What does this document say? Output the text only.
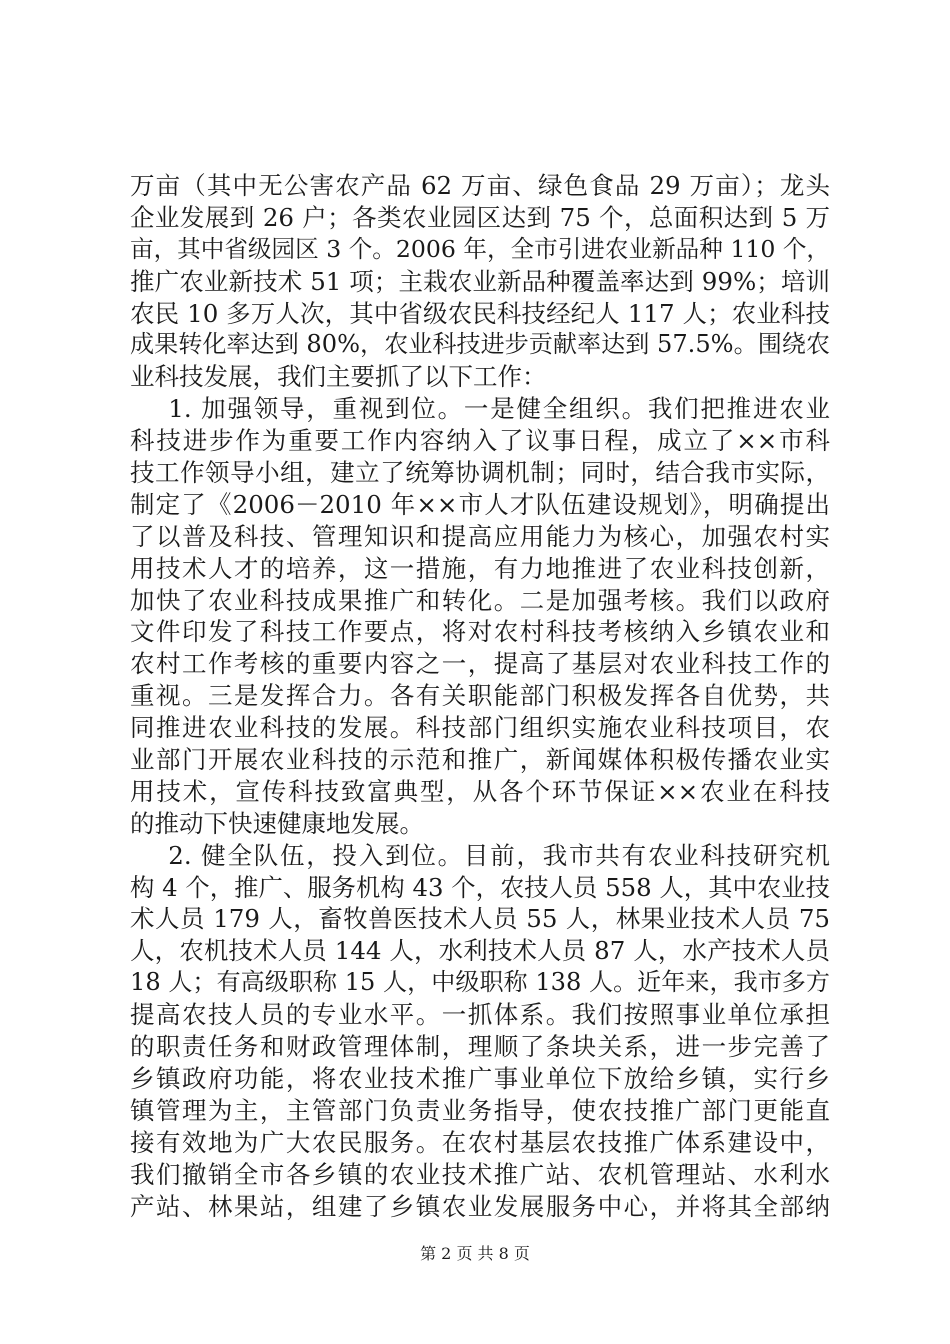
万亩（其中无公害农产品 62 万亩、绿色食品 29 万亩）；龙头
企业发展到 26 户；各类农业园区达到 75 个，总面积达到 5 万
亩，其中省级园区 3 个。2006 年，全市引进农业新品种 110 个，
推广农业新技术 51 项；主栽农业新品种覆盖率达到 99%；培训
农民 10 多万人次，其中省级农民科技经纪人 117 人；农业科技
成果转化率达到 80%，农业科技进步贡献率达到 57.5%。围绕农
业科技发展，我们主要抓了以下工作：
1. 加强领导，重视到位。一是健全组织。我们把推进农业
科技进步作为重要工作内容纳入了议事日程，成立了××市科
技工作领导小组，建立了统筹协调机制；同时，结合我市实际，
制定了《2006－2010 年××市人才队伍建设规划》，明确提出
了以普及科技、管理知识和提高应用能力为核心，加强农村实
用技术人才的培养，这一措施，有力地推进了农业科技创新，
加快了农业科技成果推广和转化。二是加强考核。我们以政府
文件印发了科技工作要点，将对农村科技考核纳入乡镇农业和
农村工作考核的重要内容之一，提高了基层对农业科技工作的
重视。三是发挥合力。各有关职能部门积极发挥各自优势，共
同推进农业科技的发展。科技部门组织实施农业科技项目，农
业部门开展农业科技的示范和推广，新闻媒体积极传播农业实
用技术，宣传科技致富典型，从各个环节保证××农业在科技
的推动下快速健康地发展。
2. 健全队伍，投入到位。目前，我市共有农业科技研究机
构 4 个，推广、服务机构 43 个，农技人员 558 人，其中农业技
术人员 179 人，畜牧兽医技术人员 55 人，林果业技术人员 75
人，农机技术人员 144 人，水利技术人员 87 人，水产技术人员
18 人；有高级职称 15 人，中级职称 138 人。近年来，我市多方
提高农技人员的专业水平。一抓体系。我们按照事业单位承担
的职责任务和财政管理体制，理顺了条块关系，进一步完善了
乡镇政府功能，将农业技术推广事业单位下放给乡镇，实行乡
镇管理为主，主管部门负责业务指导，使农技推广部门更能直
接有效地为广大农民服务。在农村基层农技推广体系建设中，
我们撤销全市各乡镇的农业技术推广站、农机管理站、水利水
产站、林果站，组建了乡镇农业发展服务中心，并将其全部纳
第 2 页 共 8 页
